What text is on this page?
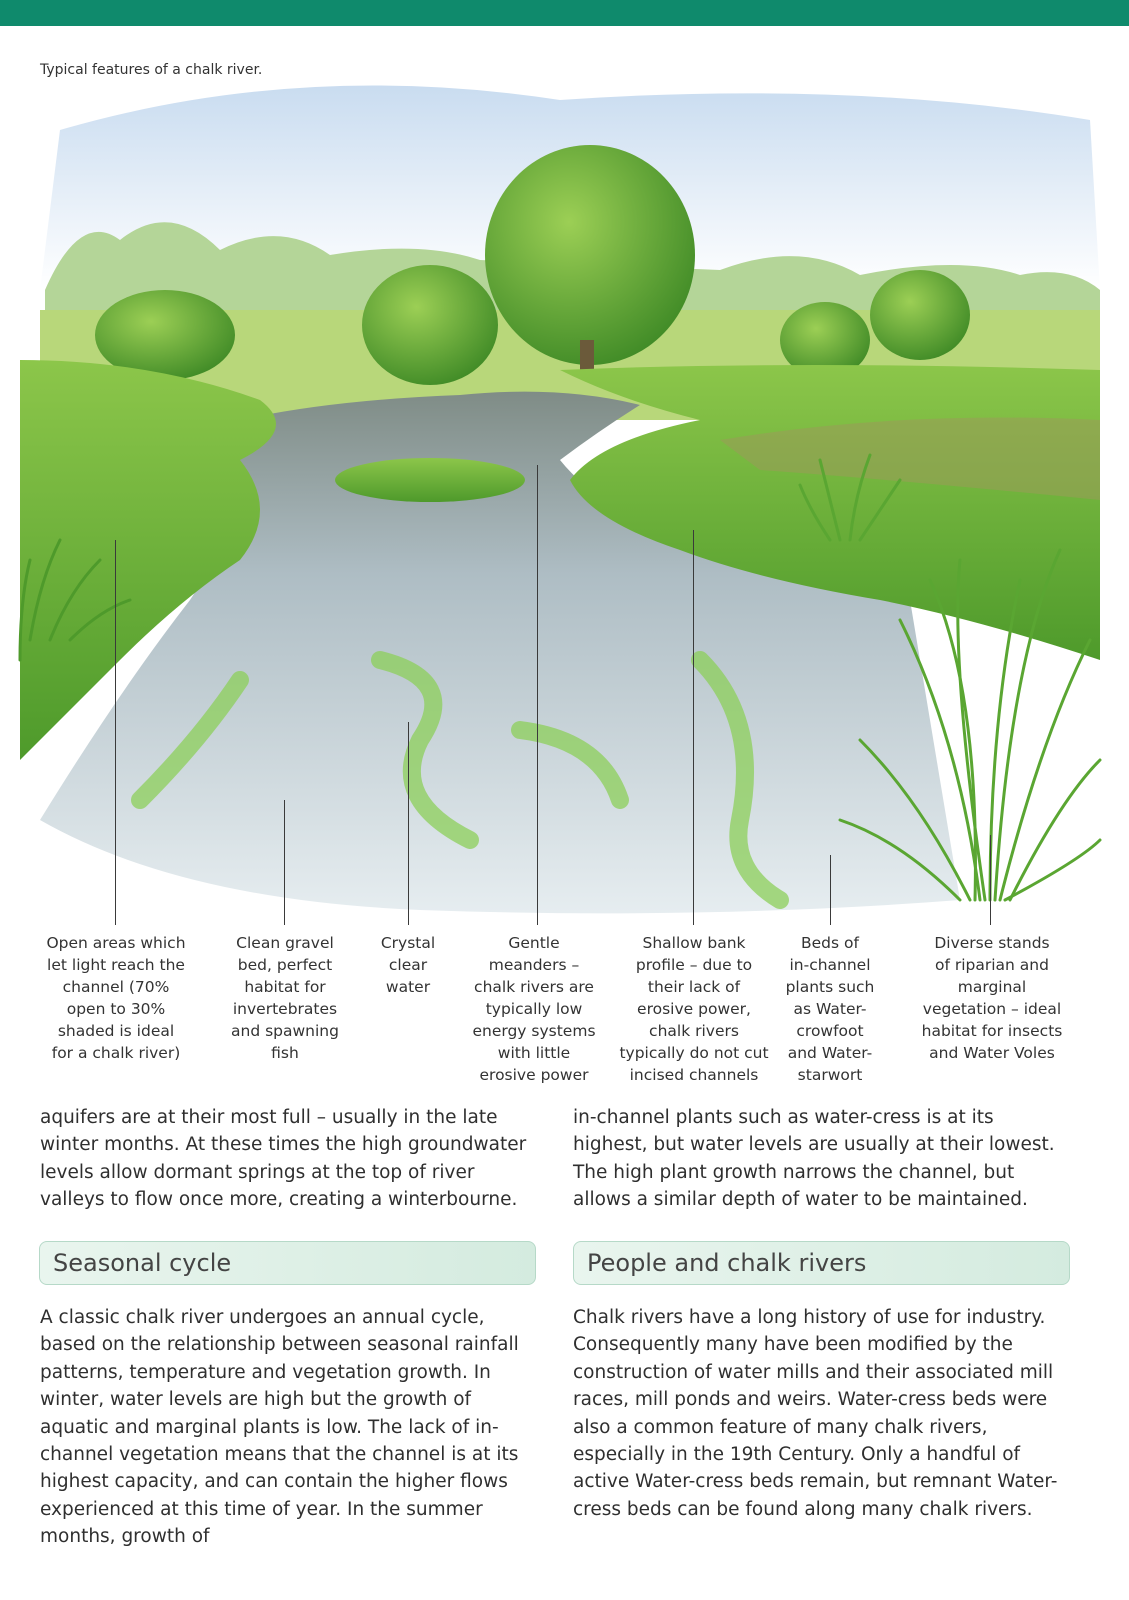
Typical features of a chalk river.
Open areas which
let light reach the
channel (70%
open to 30%
shaded is ideal
for a chalk river)
Clean gravel
bed, perfect
habitat for
invertebrates
and spawning
fish
Crystal
clear
water
Gentle
meanders –
chalk rivers are
typically low
energy systems
with little
erosive power
Shallow bank
profile – due to
their lack of
erosive power,
chalk rivers
typically do not cut
incised channels
Beds of
in-channel
plants such
as Water-
crowfoot
and Water-
starwort
Diverse stands
of riparian and
marginal
vegetation – ideal
habitat for insects
and Water Voles

aquifers are at their most full – usually in the late winter months. At these times the high groundwater levels allow dormant springs at the top of river valleys to flow once more, creating a winterbourne.

in-channel plants such as water-cress is at its highest, but water levels are usually at their lowest. The high plant growth narrows the channel, but allows a similar depth of water to be maintained.

Seasonal cycle	People and chalk rivers

A classic chalk river undergoes an annual cycle, based on the relationship between seasonal rainfall patterns, temperature and vegetation growth. In winter, water levels are high but the growth of aquatic and marginal plants is low. The lack of in-channel vegetation means that the channel is at its highest capacity, and can contain the higher flows experienced at this time of year. In the summer months, growth of

Chalk rivers have a long history of use for industry. Consequently many have been modified by the construction of water mills and their associated mill races, mill ponds and weirs. Water-cress beds were also a common feature of many chalk rivers, especially in the 19th Century. Only a handful of active Water-cress beds remain, but remnant Water-cress beds can be found along many chalk rivers.
